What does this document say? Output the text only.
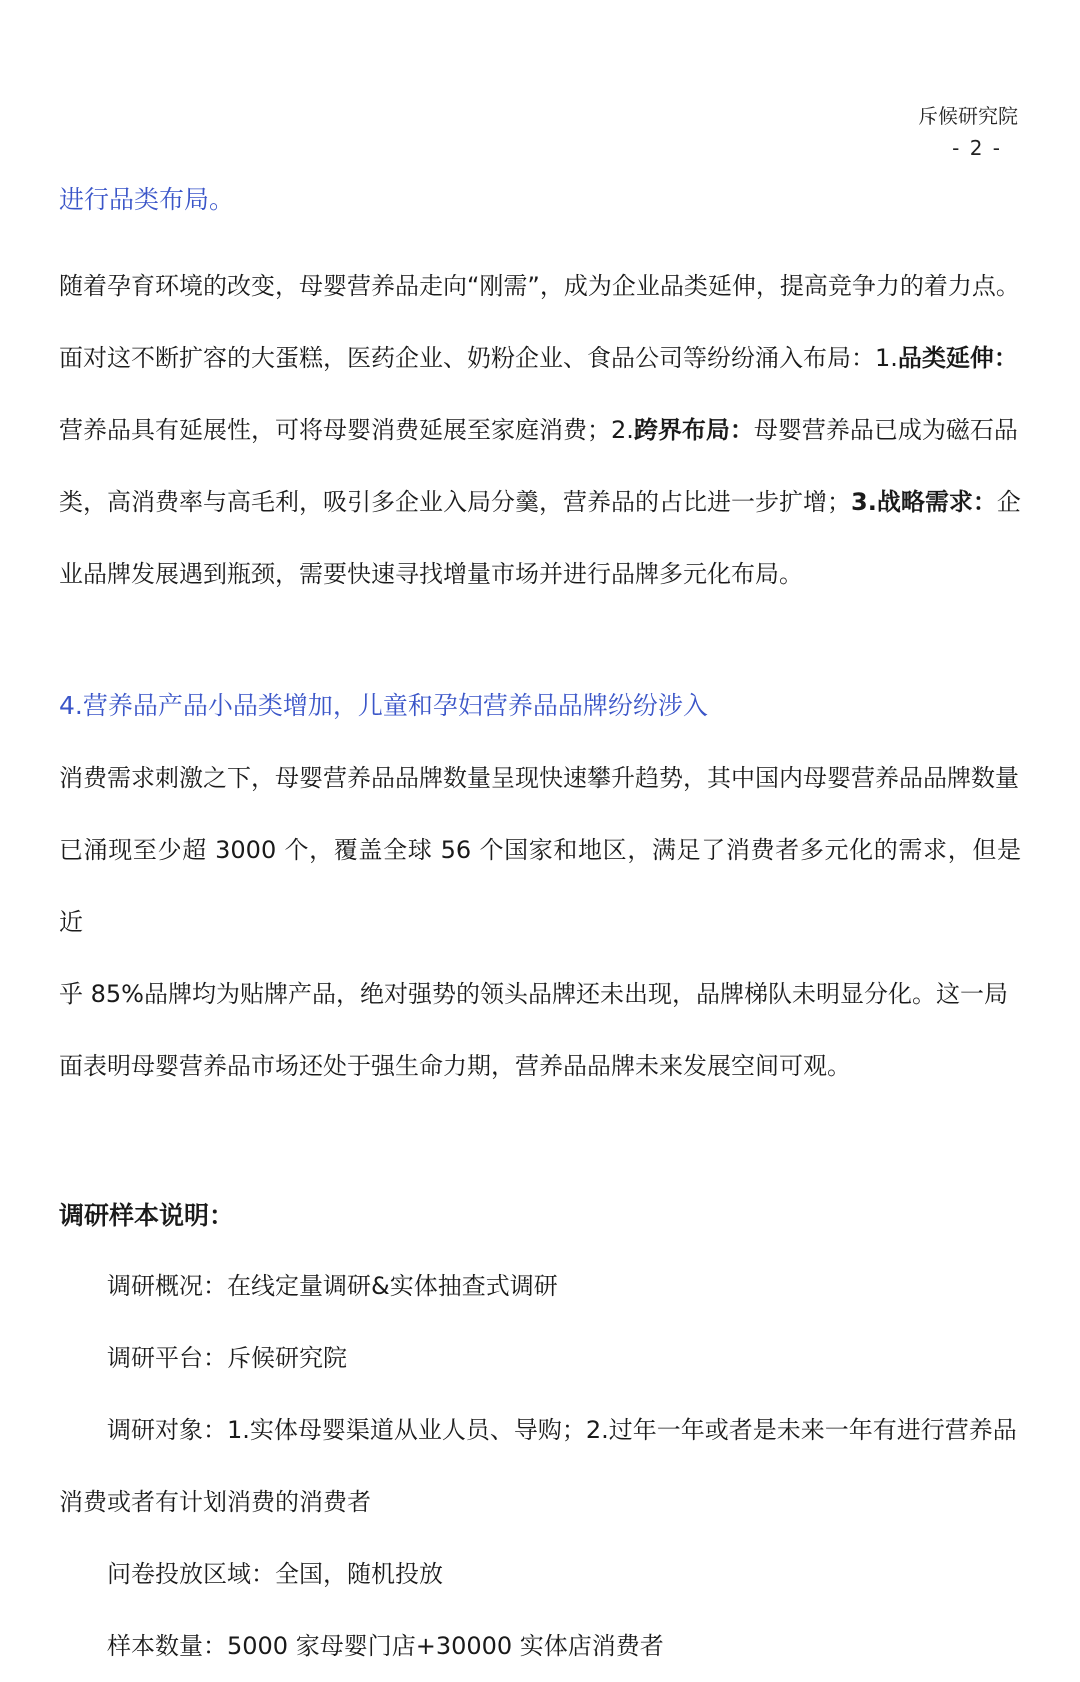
斥候研究院
- 2 -

进行品类布局。

随着孕育环境的改变，母婴营养品走向“刚需”，成为企业品类延伸，提高竞争力的着力点。

面对这不断扩容的大蛋糕，医药企业、奶粉企业、食品公司等纷纷涌入布局：1.品类延伸：

营养品具有延展性，可将母婴消费延展至家庭消费；2.跨界布局：母婴营养品已成为磁石品

类，高消费率与高毛利，吸引多企业入局分羹，营养品的占比进一步扩增；3.战略需求：企

业品牌发展遇到瓶颈，需要快速寻找增量市场并进行品牌多元化布局。

4.营养品产品小品类增加，儿童和孕妇营养品品牌纷纷涉入

消费需求刺激之下，母婴营养品品牌数量呈现快速攀升趋势，其中国内母婴营养品品牌数量

已涌现至少超 3000 个，覆盖全球 56 个国家和地区，满足了消费者多元化的需求，但是近

乎 85%品牌均为贴牌产品，绝对强势的领头品牌还未出现，品牌梯队未明显分化。这一局

面表明母婴营养品市场还处于强生命力期，营养品品牌未来发展空间可观。

调研样本说明：

调研概况：在线定量调研&实体抽查式调研

调研平台：斥候研究院

调研对象：1.实体母婴渠道从业人员、导购；2.过年一年或者是未来一年有进行营养品

消费或者有计划消费的消费者

问卷投放区域：全国，随机投放

样本数量：5000 家母婴门店+30000 实体店消费者
